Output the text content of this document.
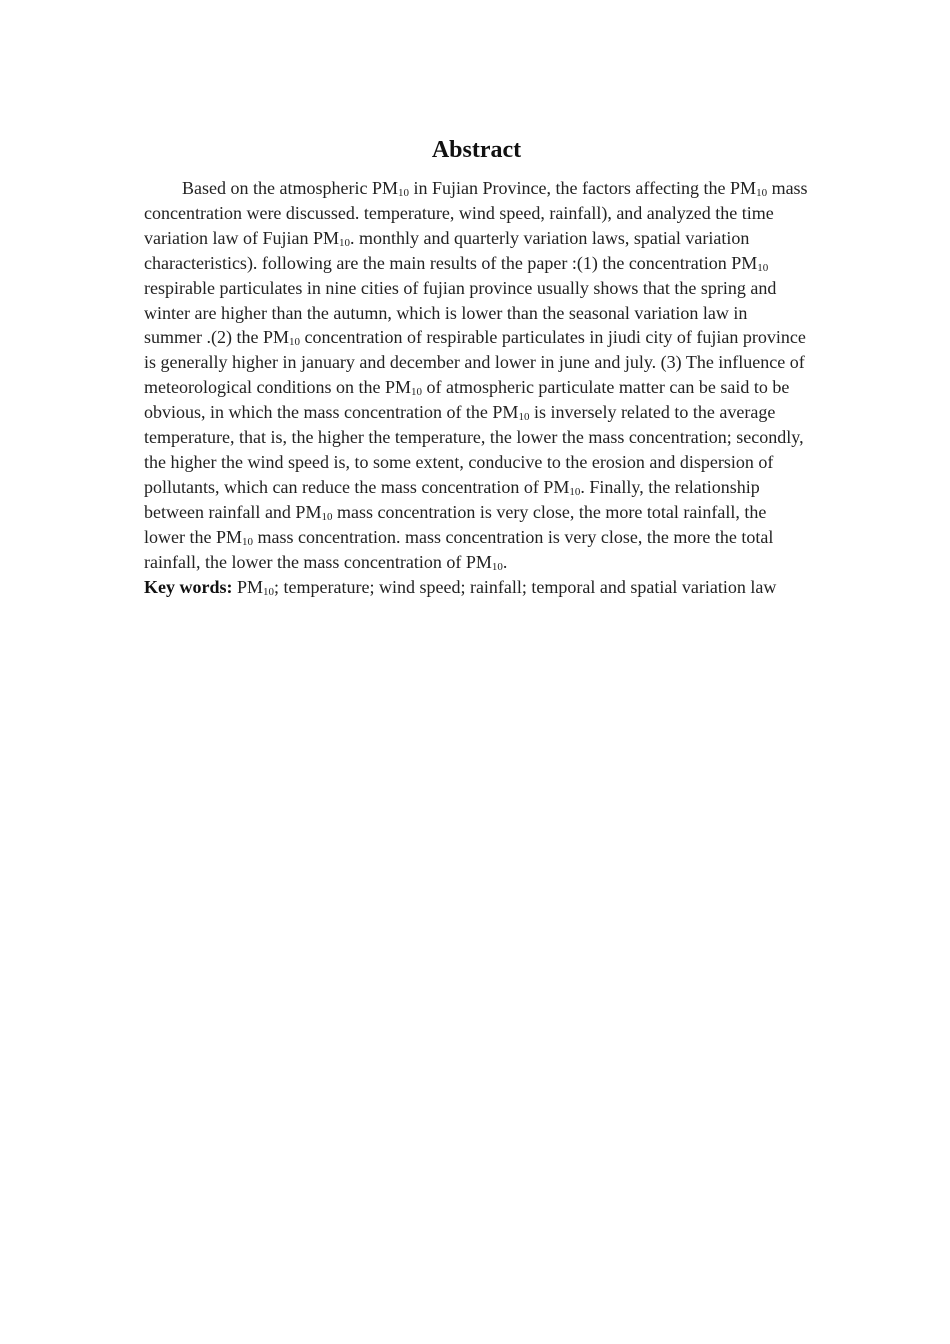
Abstract

Based on the atmospheric $PM_{10}$ in Fujian Province, the factors affecting the $PM_{10}$ mass concentration were discussed. temperature, wind speed, rainfall), and analyzed the time variation law of Fujian $PM_{10}$. monthly and quarterly variation laws, spatial variation characteristics). following are the main results of the paper :(1) the concentration $PM_{10}$ respirable particulates in nine cities of fujian province usually shows that the spring and winter are higher than the autumn, which is lower than the seasonal variation law in summer .(2) the $PM_{10}$ concentration of respirable particulates in jiudi city of fujian province is generally higher in january and december and lower in june and july. (3) The influence of meteorological conditions on the $PM_{10}$ of atmospheric particulate matter can be said to be obvious, in which the mass concentration of the $PM_{10}$ is inversely related to the average temperature, that is, the higher the temperature, the lower the mass concentration; secondly, the higher the wind speed is, to some extent, conducive to the erosion and dispersion of pollutants, which can reduce the mass concentration of $PM_{10}$. Finally, the relationship between rainfall and $PM_{10}$ mass concentration is very close, the more total rainfall, the lower the $PM_{10}$ mass concentration. mass concentration is very close, the more the total rainfall, the lower the mass concentration of $PM_{10}$.

Key words: $PM_{10}$; temperature; wind speed; rainfall; temporal and spatial variation law
